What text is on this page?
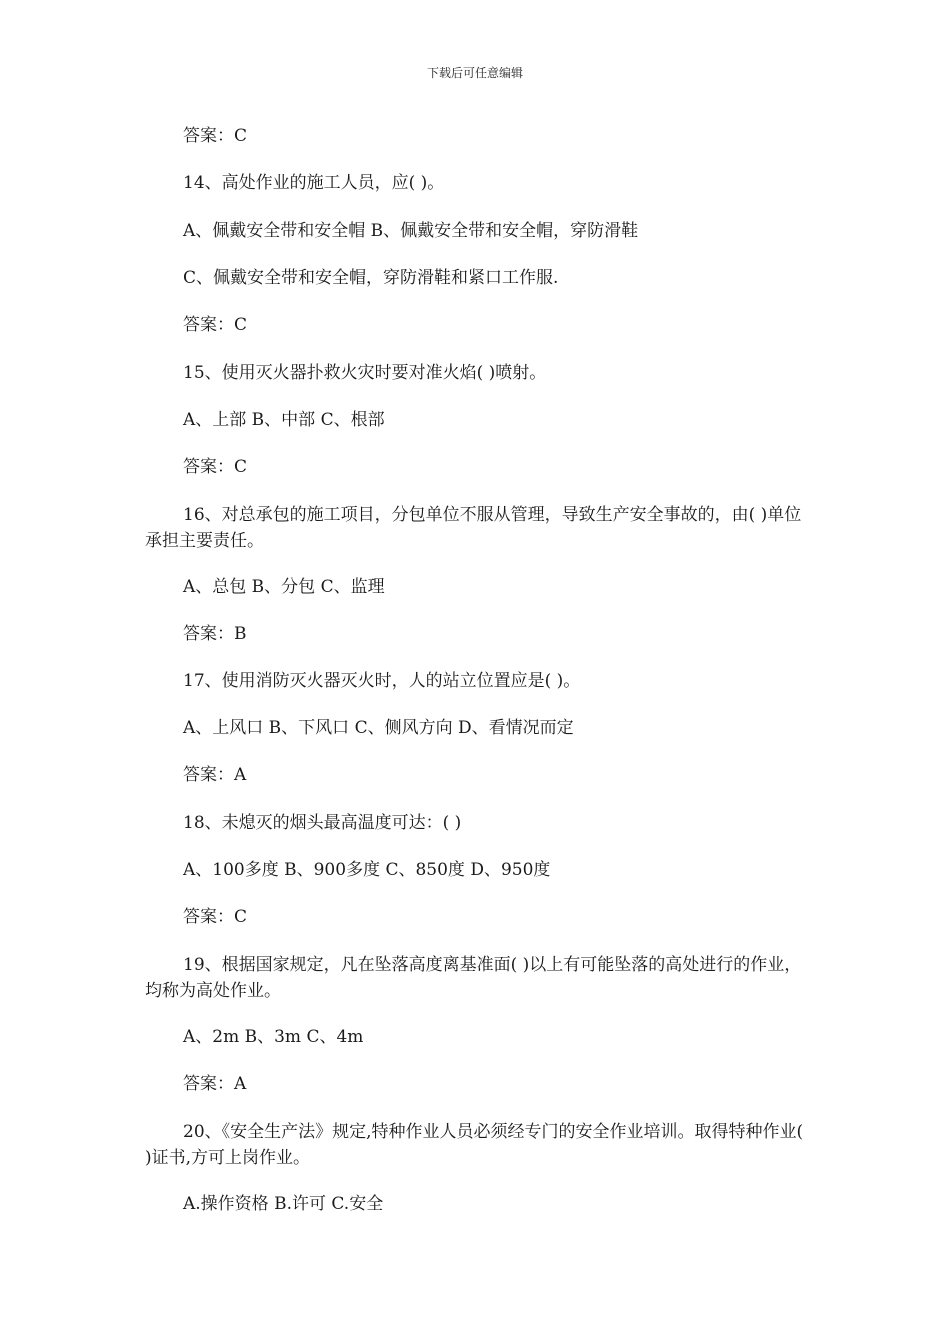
下载后可任意编辑
答案：C
14、高处作业的施工人员，应( )。
A、佩戴安全带和安全帽 B、佩戴安全带和安全帽，穿防滑鞋
C、佩戴安全带和安全帽，穿防滑鞋和紧口工作服.
答案：C
15、使用灭火器扑救火灾时要对准火焰( )喷射。
A、上部 B、中部 C、根部
答案：C
16、对总承包的施工项目，分包单位不服从管理，导致生产安全事故的，由( )单位承担主要责任。
A、总包 B、分包 C、监理
答案：B
17、使用消防灭火器灭火时，人的站立位置应是( )。
A、上风口 B、下风口 C、侧风方向 D、看情况而定
答案：A
18、未熄灭的烟头最高温度可达：( )
A、100多度 B、900多度 C、850度 D、950度
答案：C
19、根据国家规定，凡在坠落高度离基准面( )以上有可能坠落的高处进行的作业，均称为高处作业。
A、2m B、3m C、4m
答案：A
20、《安全生产法》规定,特种作业人员必须经专门的安全作业培训。取得特种作业( )证书,方可上岗作业。
A.操作资格 B.许可 C.安全
